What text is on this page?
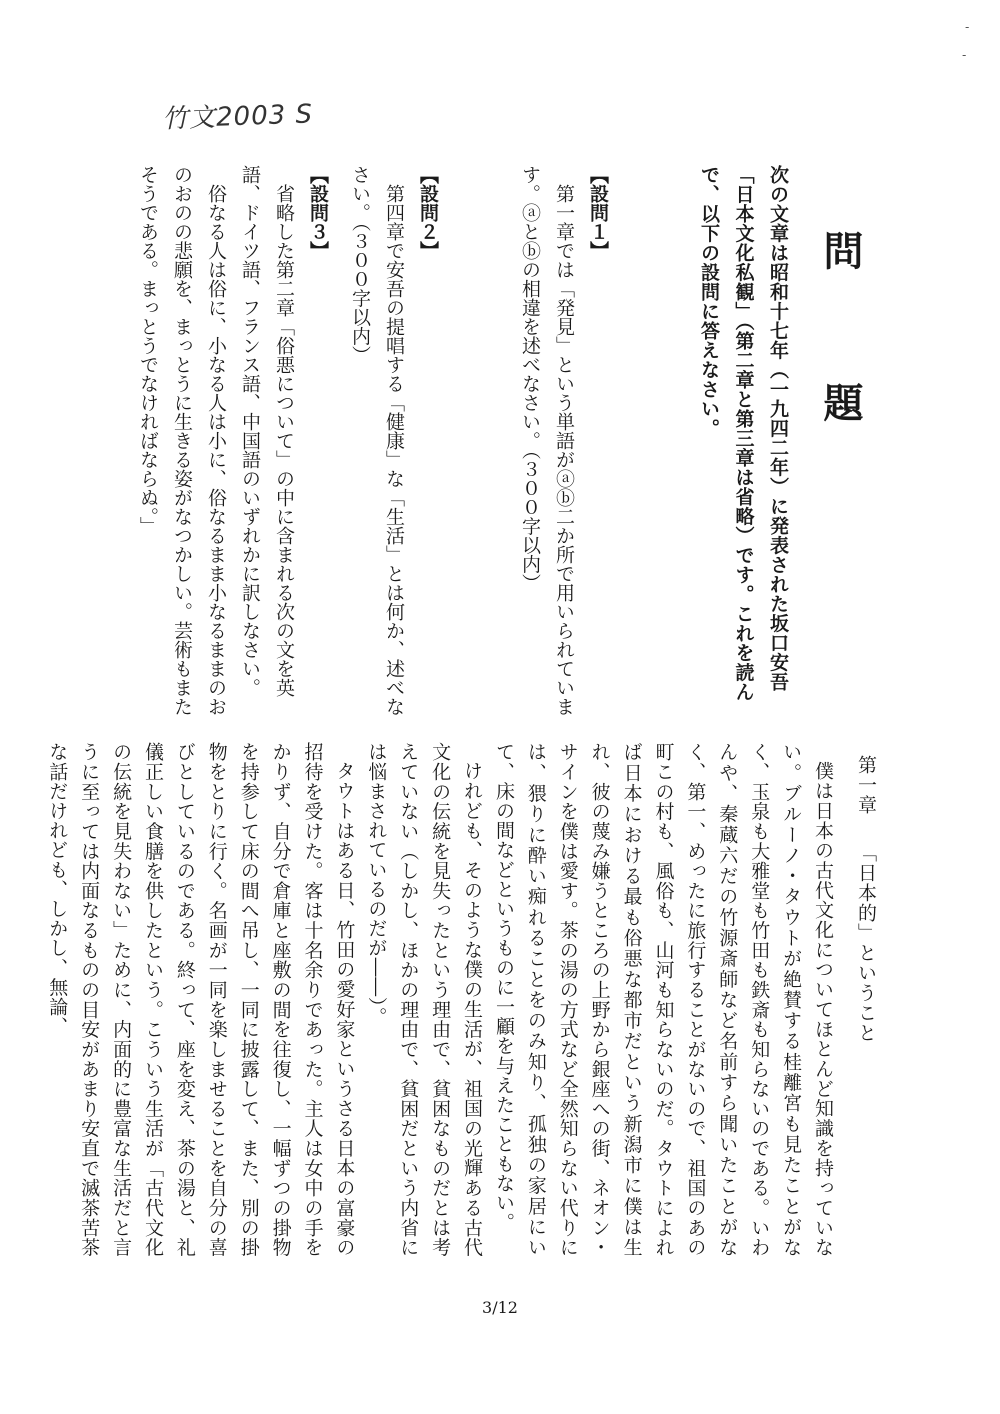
-
-
竹文2003 S
問　題
次の文章は昭和十七年（一九四二年）に発表された坂口安吾「日本文化私観」（第二章と第三章は省略）です。これを読んで、以下の設問に答えなさい。
【設問１】
第一章では「発見」という単語がⓐⓑ二か所で用いられています。ⓐとⓑの相違を述べなさい。（３００字以内）
【設問２】
第四章で安吾の提唱する「健康」な「生活」とは何か、述べなさい。（３００字以内）
【設問３】
省略した第二章「俗悪について」の中に含まれる次の文を英語、ドイツ語、フランス語、中国語のいずれかに訳しなさい。
俗なる人は俗に、小なる人は小に、俗なるまま小なるままのおのおのの悲願を、まっとうに生きる姿がなつかしい。芸術もまたそうである。まっとうでなければならぬ。」
第一章「日本的」ということ

僕は日本の古代文化についてほとんど知識を持っていない。ブルーノ・タウトが絶賛する桂離宮も見たことがなく、玉泉も大雅堂も竹田も鉄斎も知らないのである。いわんや、秦蔵六だの竹源斎師など名前すら聞いたことがなく、第一、めったに旅行することがないので、祖国のあの町この村も、風俗も、山河も知らないのだ。タウトによれば日本における最も俗悪な都市だという新潟市に僕は生れ、彼の蔑み嫌うところの上野から銀座への街、ネオン・サインを僕は愛す。茶の湯の方式など全然知らない代りには、猥りに酔い痴れることをのみ知り、孤独の家居にいて、床の間などというものに一顧を与えたこともない。

けれども、そのような僕の生活が、祖国の光輝ある古代文化の伝統を見失ったという理由で、貧困なものだとは考えていない（しかし、ほかの理由で、貧困だという内省には悩まされているのだが――）。

タウトはある日、竹田の愛好家というさる日本の富豪の招待を受けた。客は十名余りであった。主人は女中の手をかりず、自分で倉庫と座敷の間を往復し、一幅ずつの掛物を持参して床の間へ吊し、一同に披露して、また、別の掛物をとりに行く。名画が一同を楽しませることを自分の喜びとしているのである。終って、座を変え、茶の湯と、礼儀正しい食膳を供したという。こういう生活が「古代文化の伝統を見失わない」ために、内面的に豊富な生活だと言うに至っては内面なるものの目安があまり安直で滅茶苦茶な話だけれども、しかし、無論、

3/12
